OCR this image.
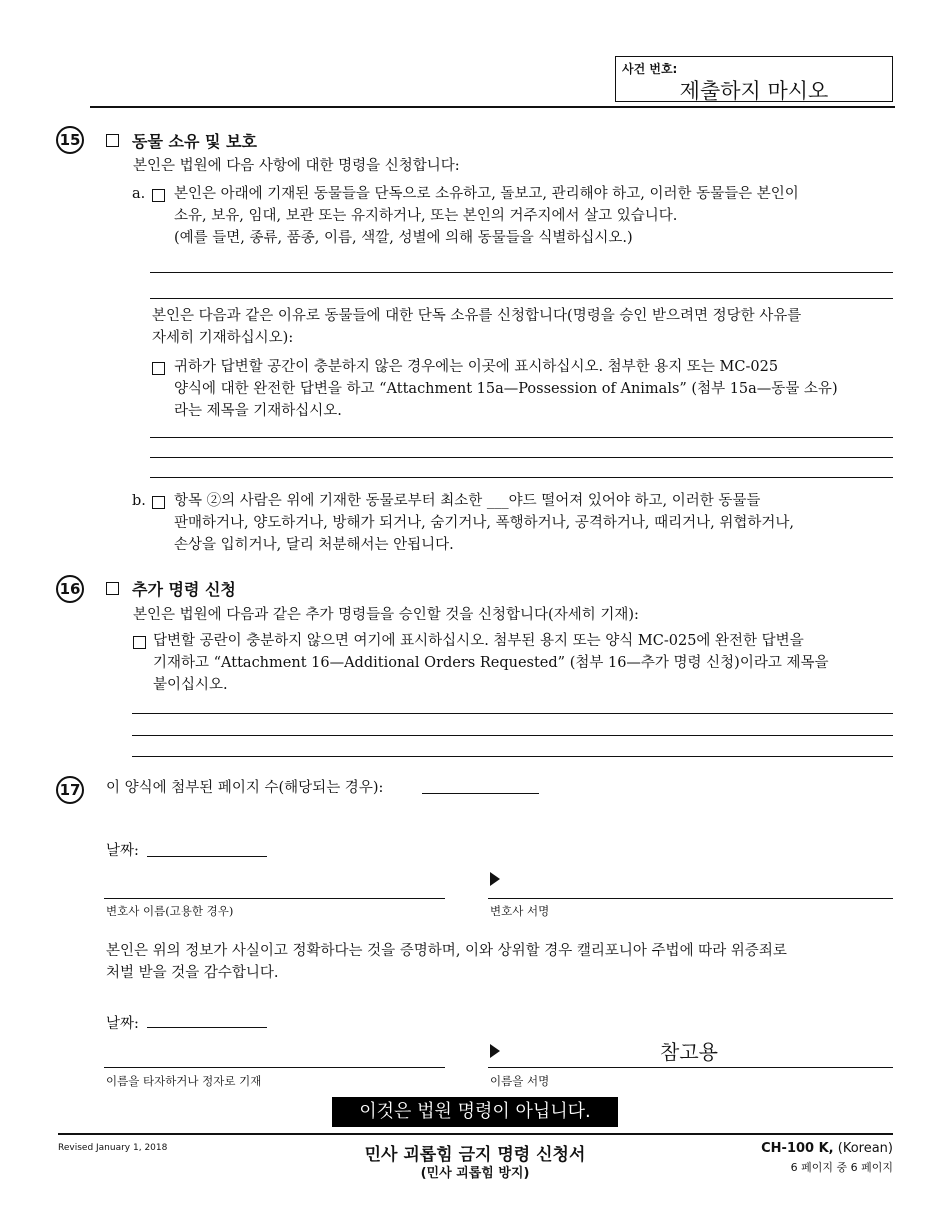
사건 번호:
제출하지 마시오
15	동물 소유 및 보호
본인은 법원에 다음 사항에 대한 명령을 신청합니다:
a. 본인은 아래에 기재된 동물들을 단독으로 소유하고, 돌보고, 관리해야 하고, 이러한 동물들은 본인이
소유, 보유, 임대, 보관 또는 유지하거나, 또는 본인의 거주지에서 살고 있습니다.
(예를 들면, 종류, 품종, 이름, 색깔, 성별에 의해 동물들을 식별하십시오.)
본인은 다음과 같은 이유로 동물들에 대한 단독 소유를 신청합니다(명령을 승인 받으려면 정당한 사유를
자세히 기재하십시오):
귀하가 답변할 공간이 충분하지 않은 경우에는 이곳에 표시하십시오. 첨부한 용지 또는 MC-025
양식에 대한 완전한 답변을 하고 “Attachment 15a—Possession of Animals” (첨부 15a—동물 소유)
라는 제목을 기재하십시오.
b. 항목 ②의 사람은 위에 기재한 동물로부터 최소한 ___야드 떨어져 있어야 하고, 이러한 동물들
판매하거나, 양도하거나, 방해가 되거나, 숨기거나, 폭행하거나, 공격하거나, 때리거나, 위협하거나,
손상을 입히거나, 달리 처분해서는 안됩니다.
16	추가 명령 신청
본인은 법원에 다음과 같은 추가 명령들을 승인할 것을 신청합니다(자세히 기재):
답변할 공란이 충분하지 않으면 여기에 표시하십시오. 첨부된 용지 또는 양식 MC-025에 완전한 답변을
기재하고 “Attachment 16—Additional Orders Requested” (첨부 16—추가 명령 신청)이라고 제목을
붙이십시오.
17 이 양식에 첨부된 페이지 수(해당되는 경우):
날짜:
변호사 이름(고용한 경우)	변호사 서명
본인은 위의 정보가 사실이고 정확하다는 것을 증명하며, 이와 상위할 경우 캘리포니아 주법에 따라 위증죄로
처벌 받을 것을 감수합니다.
날짜:
참고용
이름을 타자하거나 정자로 기재	이름을 서명
이것은 법원 명령이 아닙니다.
Revised January 1, 2018	민사 괴롭힘 금지 명령 신청서
(민사 괴롭힘 방지)
CH-100 K, (Korean)
6 페이지 중 6 페이지
